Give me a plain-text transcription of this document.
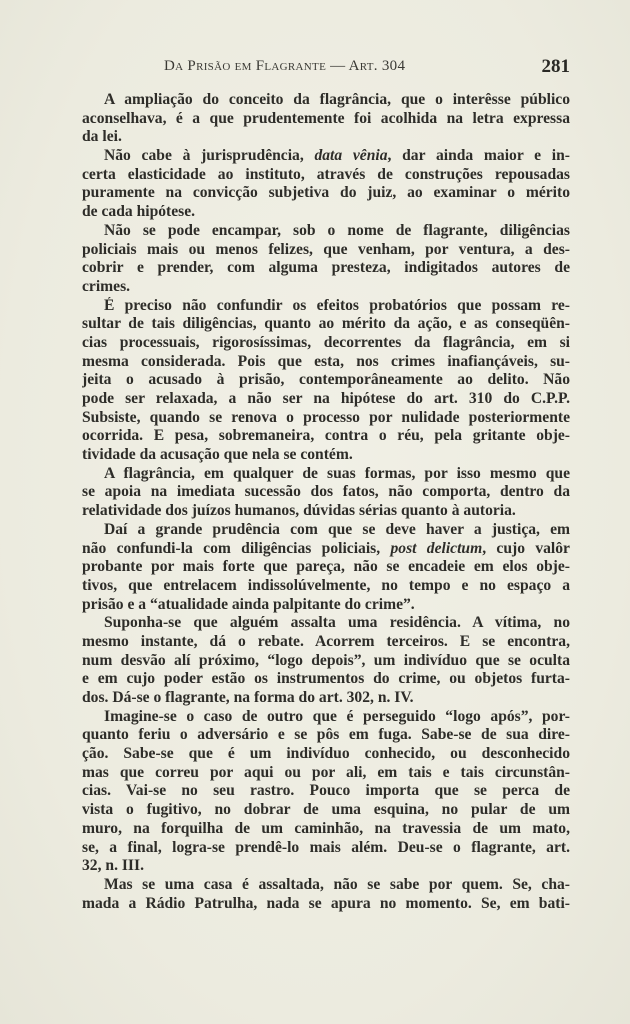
Da Prisão em Flagrante — Art. 304	281
A ampliação do conceito da flagrância, que o interêsse público
aconselhava, é a que prudentemente foi acolhida na letra expressa
da lei.
Não cabe à jurisprudência, data vênia, dar ainda maior e in-
certa elasticidade ao instituto, através de construções repousadas
puramente na convicção subjetiva do juiz, ao examinar o mérito
de cada hipótese.
Não se pode encampar, sob o nome de flagrante, diligências
policiais mais ou menos felizes, que venham, por ventura, a des-
cobrir e prender, com alguma presteza, indigitados autores de
crimes.
É preciso não confundir os efeitos probatórios que possam re-
sultar de tais diligências, quanto ao mérito da ação, e as conseqüên-
cias processuais, rigorosíssimas, decorrentes da flagrância, em si
mesma considerada. Pois que esta, nos crimes inafiançáveis, su-
jeita o acusado à prisão, contemporâneamente ao delito. Não
pode ser relaxada, a não ser na hipótese do art. 310 do C.P.P.
Subsiste, quando se renova o processo por nulidade posteriormente
ocorrida. E pesa, sobremaneira, contra o réu, pela gritante obje-
tividade da acusação que nela se contém.
A flagrância, em qualquer de suas formas, por isso mesmo que
se apoia na imediata sucessão dos fatos, não comporta, dentro da
relatividade dos juízos humanos, dúvidas sérias quanto à autoria.
Daí a grande prudência com que se deve haver a justiça, em
não confundi-la com diligências policiais, post delictum, cujo valôr
probante por mais forte que pareça, não se encadeie em elos obje-
tivos, que entrelacem indissolúvelmente, no tempo e no espaço a
prisão e a “atualidade ainda palpitante do crime”.
Suponha-se que alguém assalta uma residência. A vítima, no
mesmo instante, dá o rebate. Acorrem terceiros. E se encontra,
num desvão alí próximo, “logo depois”, um indivíduo que se oculta
e em cujo poder estão os instrumentos do crime, ou objetos furta-
dos. Dá-se o flagrante, na forma do art. 302, n. IV.
Imagine-se o caso de outro que é perseguido “logo após”, por-
quanto feriu o adversário e se pôs em fuga. Sabe-se de sua dire-
ção. Sabe-se que é um indivíduo conhecido, ou desconhecido
mas que correu por aqui ou por ali, em tais e tais circunstân-
cias. Vai-se no seu rastro. Pouco importa que se perca de
vista o fugitivo, no dobrar de uma esquina, no pular de um
muro, na forquilha de um caminhão, na travessia de um mato,
se, a final, logra-se prendê-lo mais além. Deu-se o flagrante, art.
32, n. III.
Mas se uma casa é assaltada, não se sabe por quem. Se, cha-
mada a Rádio Patrulha, nada se apura no momento. Se, em bati-
